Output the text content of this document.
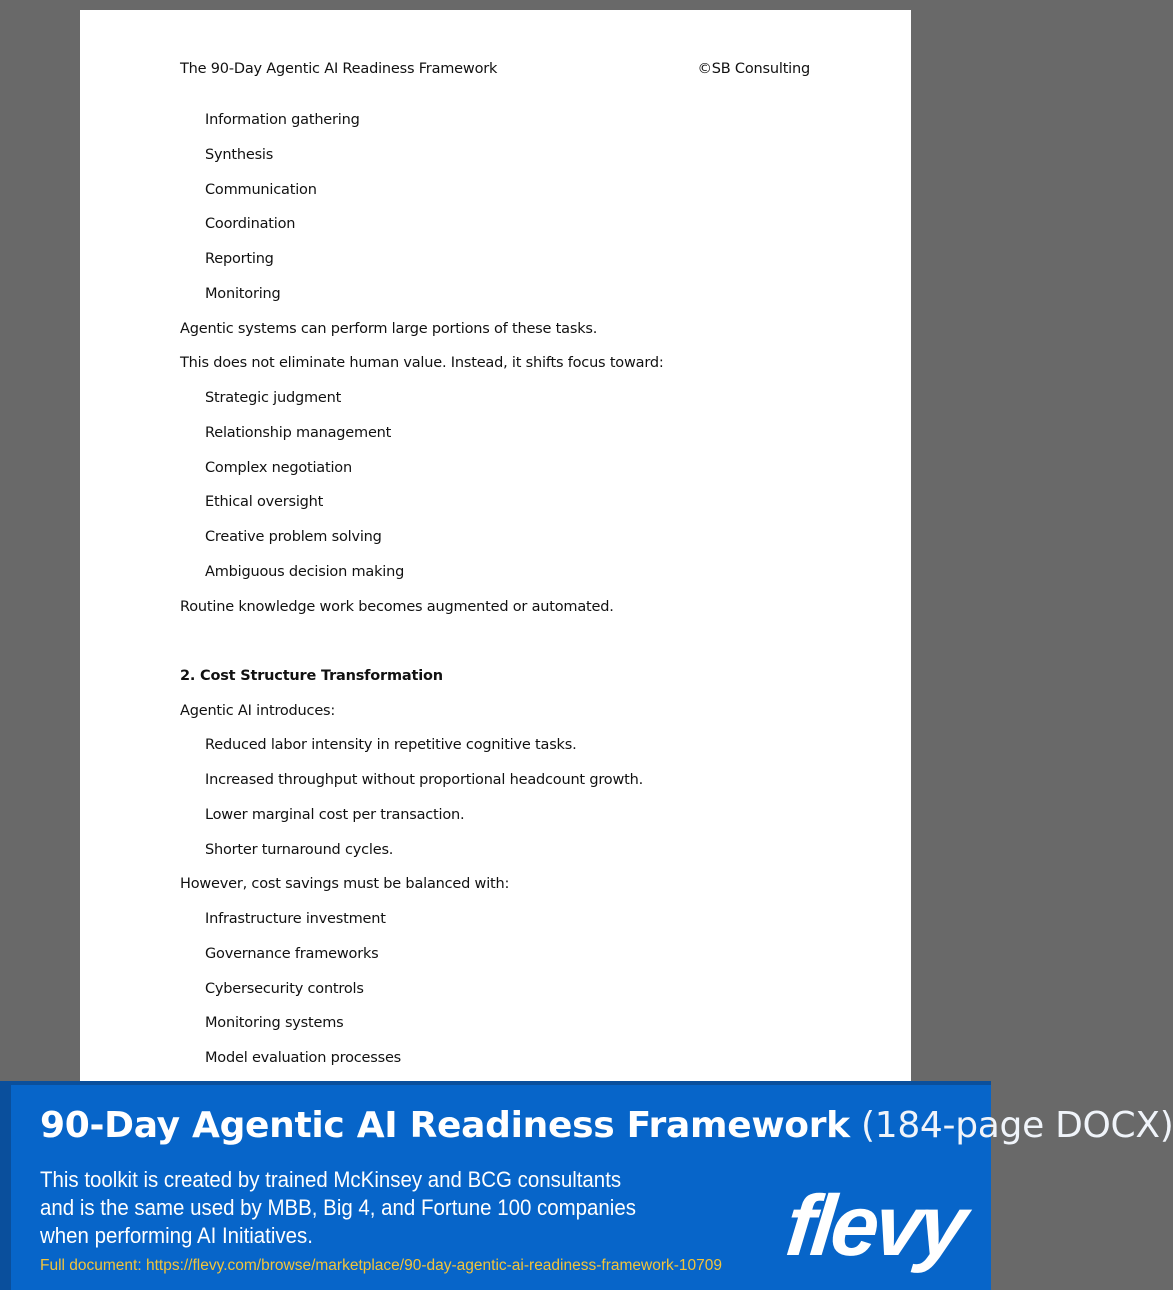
The 90-Day Agentic AI Readiness Framework	©SB Consulting
Information gathering
Synthesis
Communication
Coordination
Reporting
Monitoring
Agentic systems can perform large portions of these tasks.
This does not eliminate human value. Instead, it shifts focus toward:
Strategic judgment
Relationship management
Complex negotiation
Ethical oversight
Creative problem solving
Ambiguous decision making
Routine knowledge work becomes augmented or automated.
2. Cost Structure Transformation
Agentic AI introduces:
Reduced labor intensity in repetitive cognitive tasks.
Increased throughput without proportional headcount growth.
Lower marginal cost per transaction.
Shorter turnaround cycles.
However, cost savings must be balanced with:
Infrastructure investment
Governance frameworks
Cybersecurity controls
Monitoring systems
Model evaluation processes
90-Day Agentic AI Readiness Framework (184-page DOCX)
This toolkit is created by trained McKinsey and BCG consultants and is the same used by MBB, Big 4, and Fortune 100 companies when performing AI Initiatives.
Full document: https://flevy.com/browse/marketplace/90-day-agentic-ai-readiness-framework-10709 flevy
